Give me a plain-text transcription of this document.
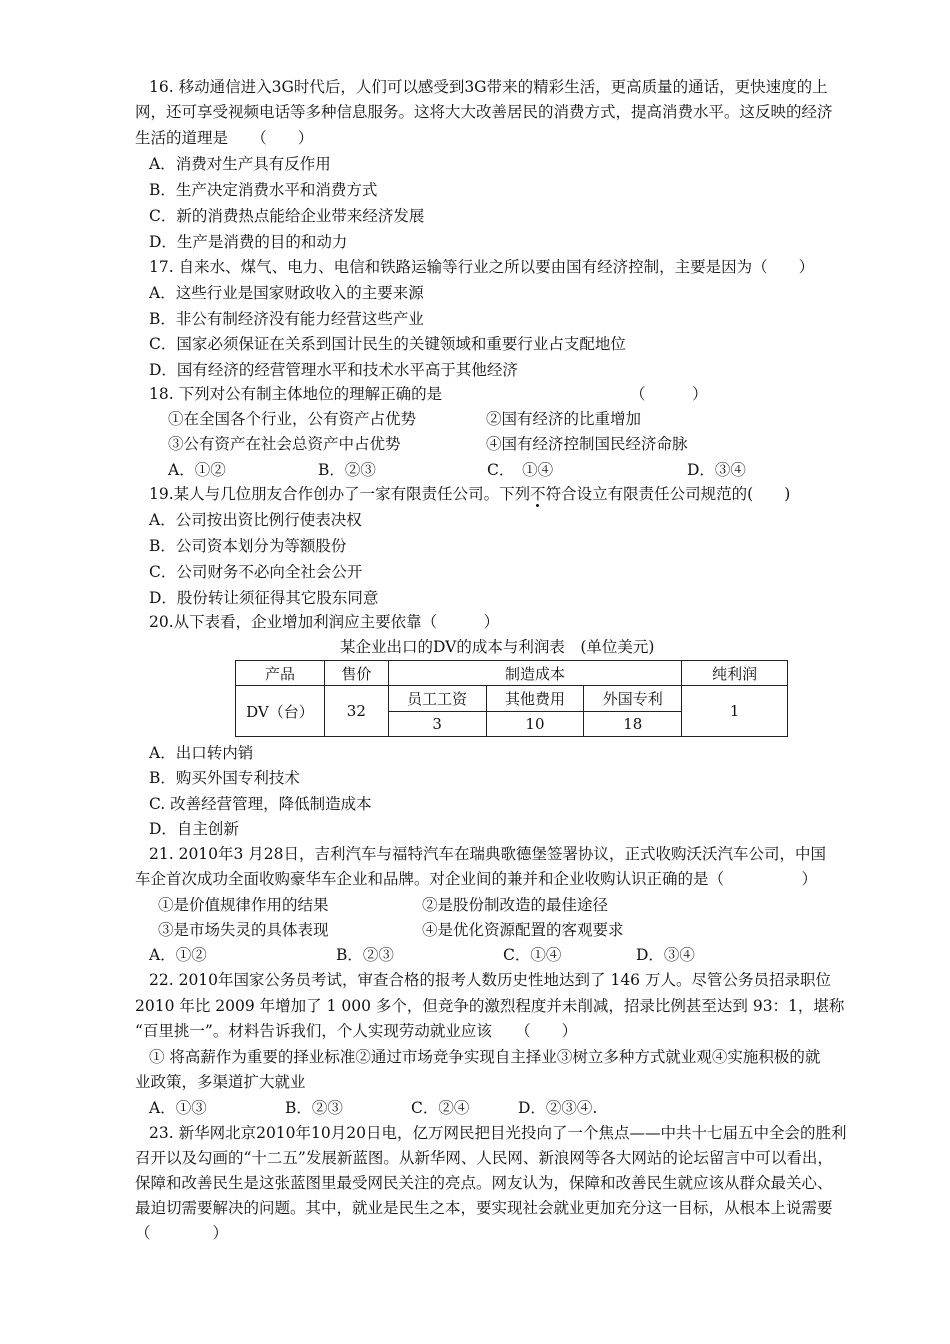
16. 移动通信进入3G时代后，人们可以感受到3G带来的精彩生活，更高质量的通话，更快速度的上
网，还可享受视频电话等多种信息服务。这将大大改善居民的消费方式，提高消费水平。这反映的经济
生活的道理是　　（　　）
A．消费对生产具有反作用
B．生产决定消费水平和消费方式
C．新的消费热点能给企业带来经济发展
D．生产是消费的目的和动力
17. 自来水、煤气、电力、电信和铁路运输等行业之所以要由国有经济控制，主要是因为（　　）
A．这些行业是国家财政收入的主要来源
B．非公有制经济没有能力经营这些产业
C．国家必须保证在关系到国计民生的关键领域和重要行业占支配地位
D．国有经济的经营管理水平和技术水平高于其他经济
18. 下列对公有制主体地位的理解正确的是	（　　　）
①在全国各个行业，公有资产占优势	②国有经济的比重增加
③公有资产在社会总资产中占优势	④国有经济控制国民经济命脉
A．①②	B．②③	C．　①④	D．③④
19.某人与几位朋友合作创办了一家有限责任公司。下列不符合设立有限责任公司规范的(　　)
A．公司按出资比例行使表决权
B．公司资本划分为等额股份
C．公司财务不必向全社会公开
D．股份转让须征得其它股东同意
20.从下表看，企业增加利润应主要依靠（　　　）
某企业出口的DV的成本与利润表　(单位美元)
产品	售价	制造成本			纯利润
DV（台）	32	员工工资	其他费用	外国专利	1
		3	10	18	
A．出口转内销
B．购买外国专利技术
C. 改善经营管理，降低制造成本
D．自主创新
21. 2010年3 月28日，吉利汽车与福特汽车在瑞典歌德堡签署协议，正式收购沃沃汽车公司，中国
车企首次成功全面收购豪华车企业和品牌。对企业间的兼并和企业收购认识正确的是（　　　　　）
①是价值规律作用的结果	②是股份制改造的最佳途径
③是市场失灵的具体表现	④是优化资源配置的客观要求
A．①②	B．②③	C．①④	D．③④
22. 2010年国家公务员考试，审查合格的报考人数历史性地达到了 146 万人。尽管公务员招录职位
2010 年比 2009 年增加了 1 000 多个，但竞争的激烈程度并未削减，招录比例甚至达到 93：1，堪称
“百里挑一”。材料告诉我们，个人实现劳动就业应该　　（　　）
① 将高薪作为重要的择业标准②通过市场竞争实现自主择业③树立多种方式就业观④实施积极的就
业政策，多渠道扩大就业
A．①③	B．②③	C．②④	D．②③④.
23. 新华网北京2010年10月20日电，亿万网民把目光投向了一个焦点——中共十七届五中全会的胜利
召开以及勾画的“十二五”发展新蓝图。从新华网、人民网、新浪网等各大网站的论坛留言中可以看出，
保障和改善民生是这张蓝图里最受网民关注的亮点。网友认为，保障和改善民生就应该从群众最关心、
最迫切需要解决的问题。其中，就业是民生之本，要实现社会就业更加充分这一目标，从根本上说需要
（　　　　）
